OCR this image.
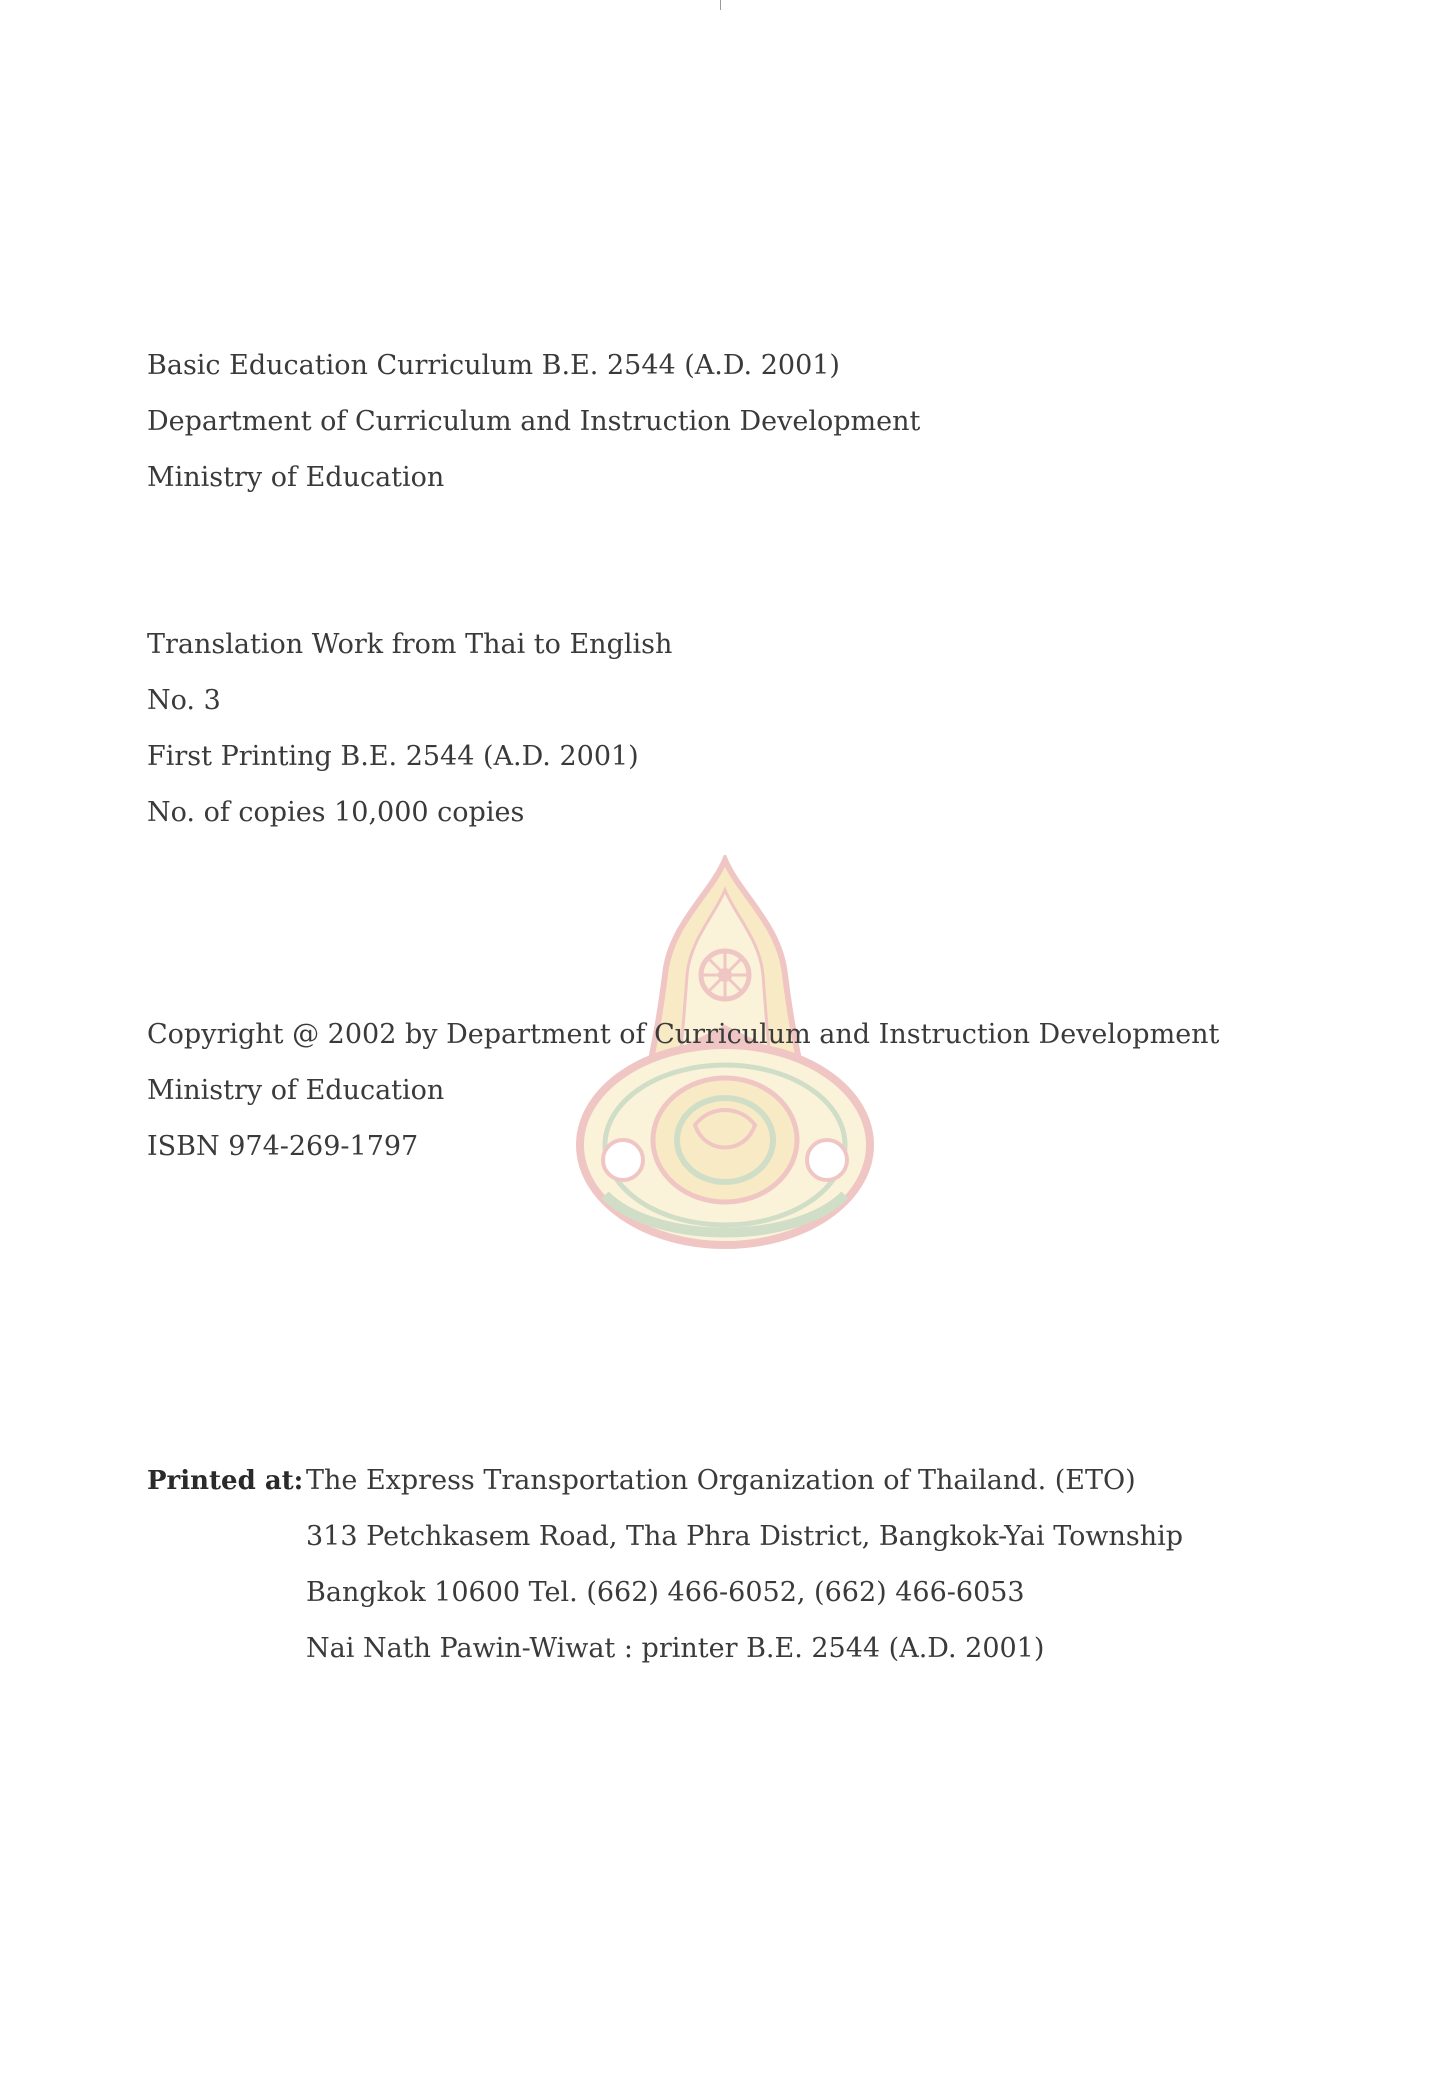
Basic Education Curriculum B.E. 2544 (A.D. 2001)
Department of Curriculum and Instruction Development
Ministry of Education
Translation Work from Thai to English
No. 3
First Printing B.E. 2544 (A.D. 2001)
No. of copies 10,000 copies
Copyright @ 2002 by Department of Curriculum and Instruction Development
Ministry of Education
ISBN 974-269-1797
Printed at: The Express Transportation Organization of Thailand. (ETO)
313 Petchkasem Road, Tha Phra District, Bangkok-Yai Township
Bangkok 10600 Tel. (662) 466-6052, (662) 466-6053
Nai Nath Pawin-Wiwat : printer B.E. 2544 (A.D. 2001)
